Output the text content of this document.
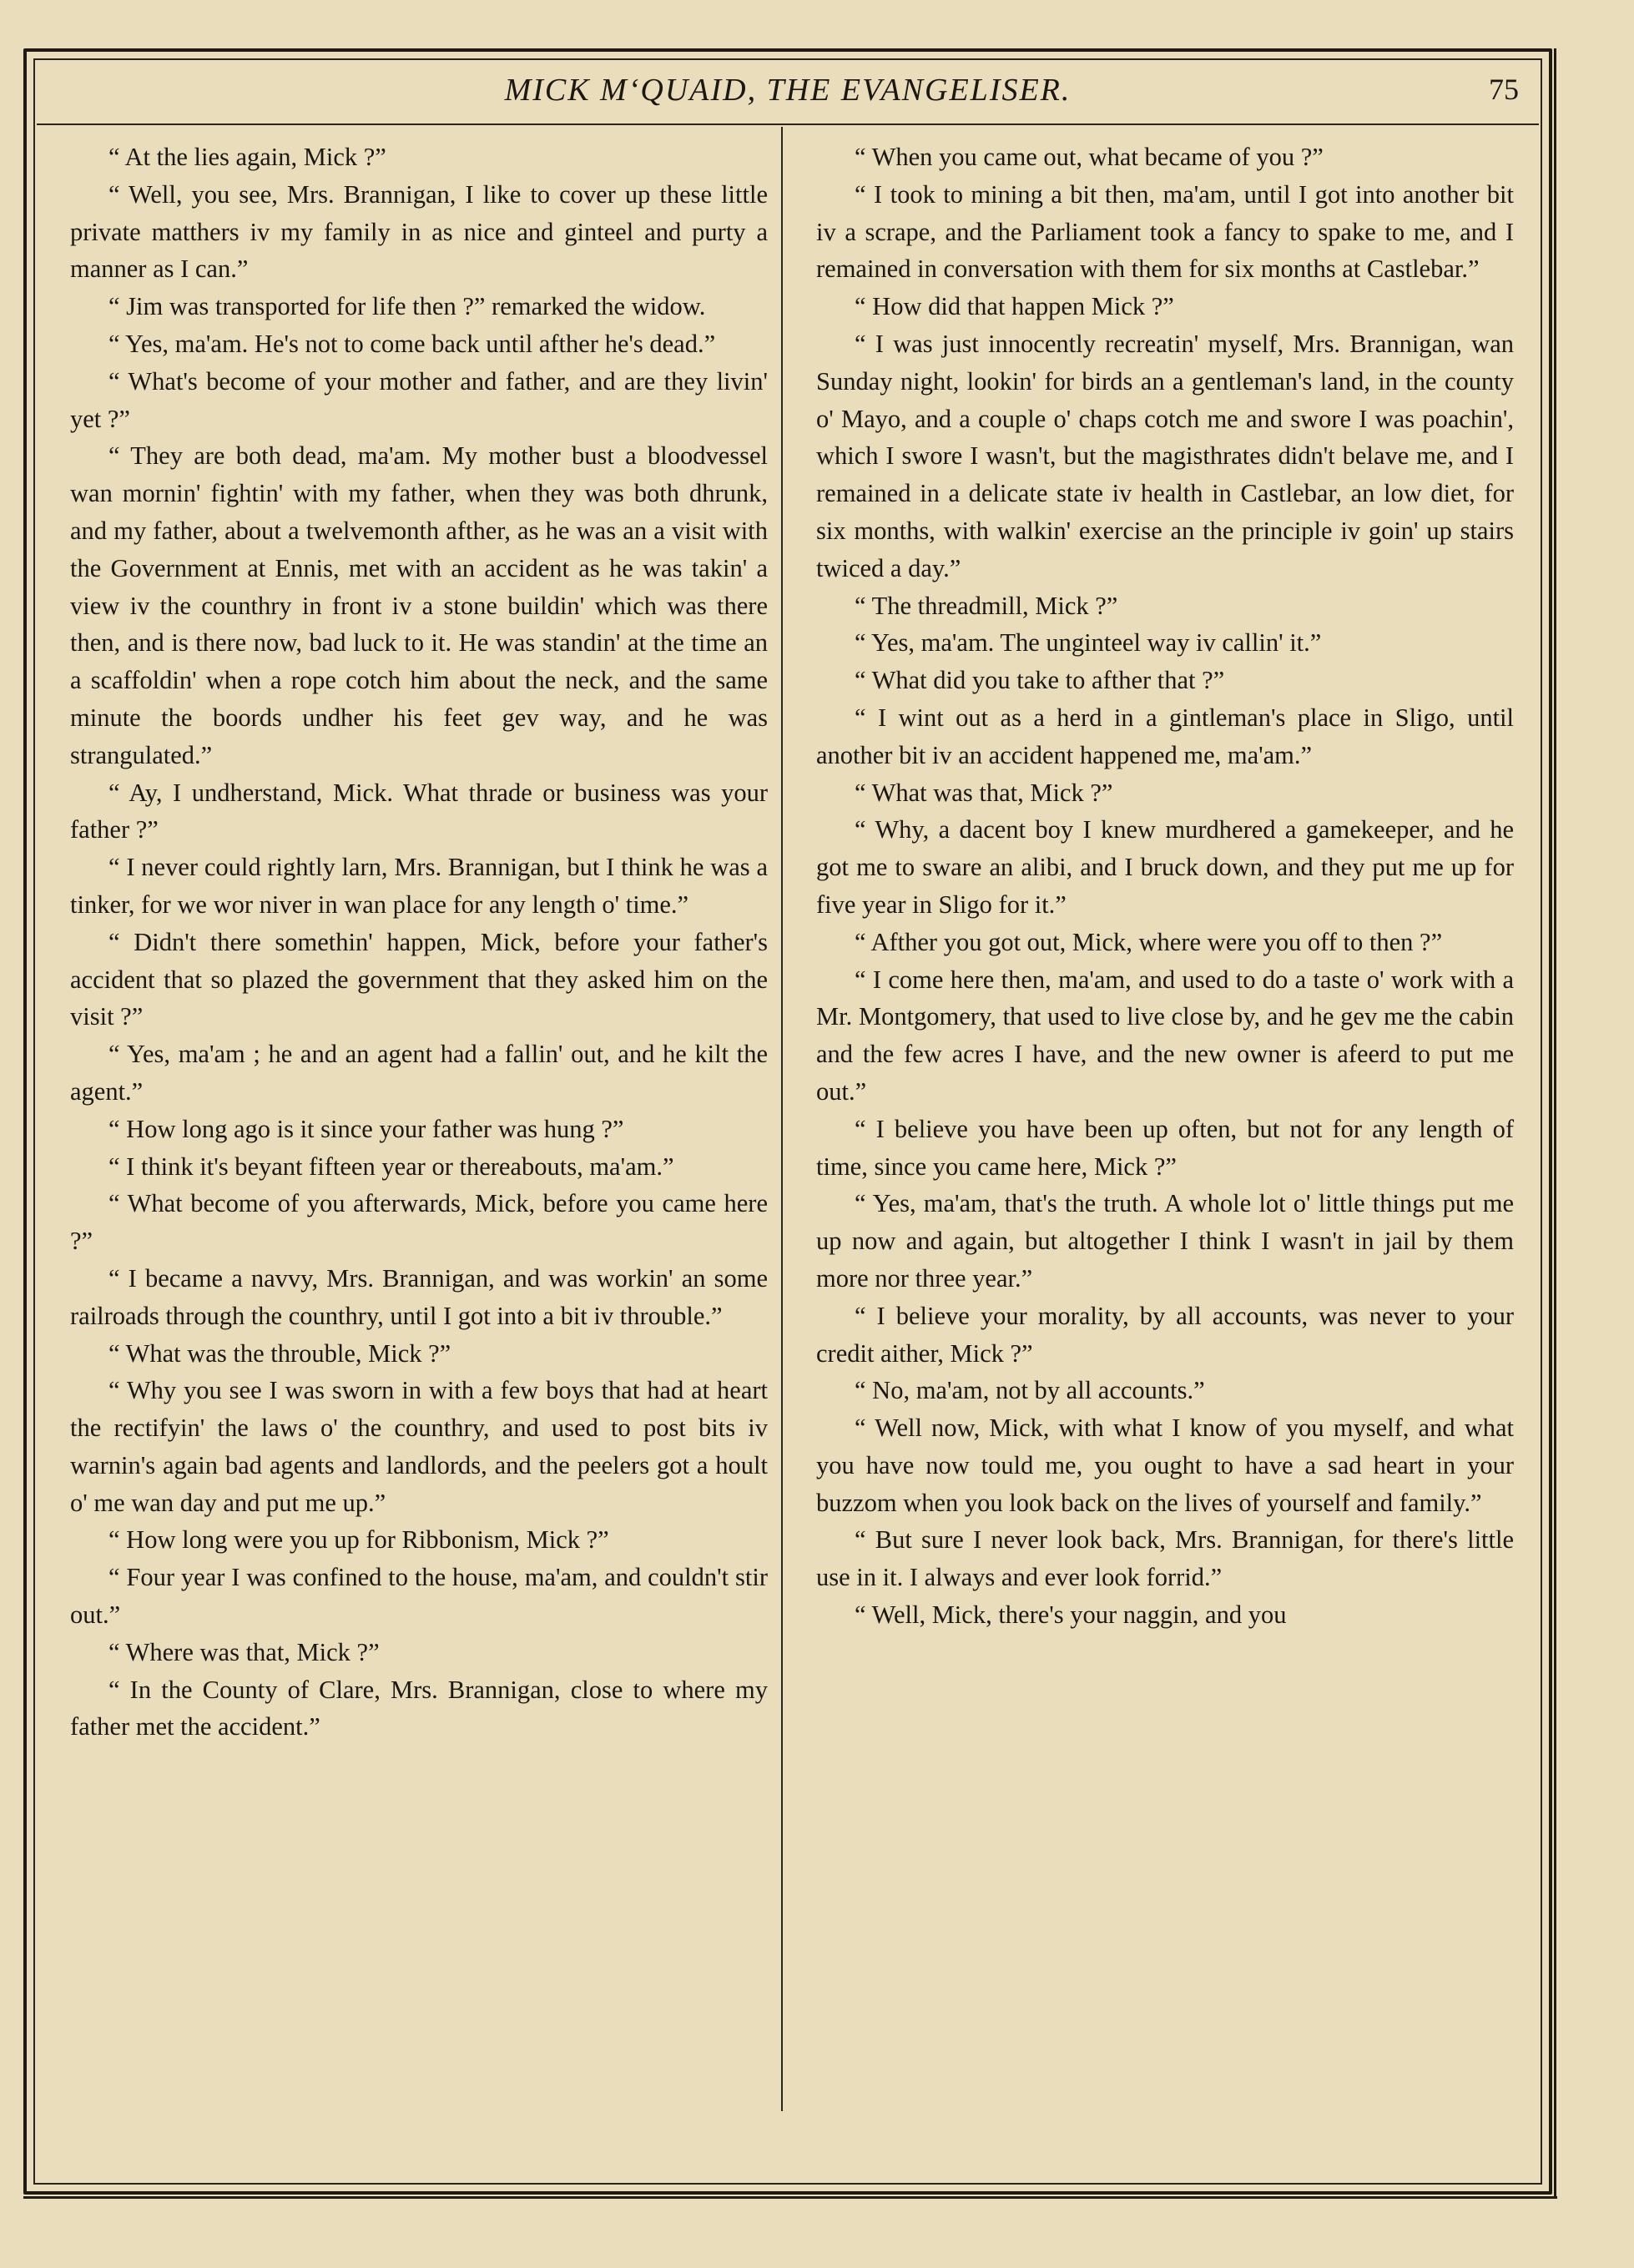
MICK M‘QUAID, THE EVANGELISER.	75

“ At the lies again, Mick ?”

“ Well, you see, Mrs. Brannigan, I like to cover up these little private matthers iv my family in as nice and ginteel and purty a manner as I can.”

“ Jim was transported for life then ?” remarked the widow.

“ Yes, ma'am. He's not to come back until afther he's dead.”

“ What's become of your mother and father, and are they livin' yet ?”

“ They are both dead, ma'am. My mother bust a bloodvessel wan mornin' fightin' with my father, when they was both dhrunk, and my father, about a twelvemonth afther, as he was an a visit with the Government at Ennis, met with an accident as he was takin' a view iv the counthry in front iv a stone buildin' which was there then, and is there now, bad luck to it. He was standin' at the time an a scaffoldin' when a rope cotch him about the neck, and the same minute the boords undher his feet gev way, and he was strangulated.”

“ Ay, I undherstand, Mick. What thrade or business was your father ?”

“ I never could rightly larn, Mrs. Brannigan, but I think he was a tinker, for we wor niver in wan place for any length o' time.”

“ Didn't there somethin' happen, Mick, before your father's accident that so plazed the government that they asked him on the visit ?”

“ Yes, ma'am ; he and an agent had a fallin' out, and he kilt the agent.”

“ How long ago is it since your father was hung ?”

“ I think it's beyant fifteen year or thereabouts, ma'am.”

“ What become of you afterwards, Mick, before you came here ?”

“ I became a navvy, Mrs. Brannigan, and was workin' an some railroads through the counthry, until I got into a bit iv throuble.”

“ What was the throuble, Mick ?”

“ Why you see I was sworn in with a few boys that had at heart the rectifyin' the laws o' the counthry, and used to post bits iv warnin's again bad agents and landlords, and the peelers got a hoult o' me wan day and put me up.”

“ How long were you up for Ribbonism, Mick ?”

“ Four year I was confined to the house, ma'am, and couldn't stir out.”

“ Where was that, Mick ?”

“ In the County of Clare, Mrs. Brannigan, close to where my father met the accident.”

“ When you came out, what became of you ?”

“ I took to mining a bit then, ma'am, until I got into another bit iv a scrape, and the Parliament took a fancy to spake to me, and I remained in conversation with them for six months at Castlebar.”

“ How did that happen Mick ?”

“ I was just innocently recreatin' myself, Mrs. Brannigan, wan Sunday night, lookin' for birds an a gentleman's land, in the county o' Mayo, and a couple o' chaps cotch me and swore I was poachin', which I swore I wasn't, but the magisthrates didn't belave me, and I remained in a delicate state iv health in Castlebar, an low diet, for six months, with walkin' exercise an the principle iv goin' up stairs twiced a day.”

“ The threadmill, Mick ?”

“ Yes, ma'am. The unginteel way iv callin' it.”

“ What did you take to afther that ?”

“ I wint out as a herd in a gintleman's place in Sligo, until another bit iv an accident happened me, ma'am.”

“ What was that, Mick ?”

“ Why, a dacent boy I knew murdhered a gamekeeper, and he got me to sware an alibi, and I bruck down, and they put me up for five year in Sligo for it.”

“ Afther you got out, Mick, where were you off to then ?”

“ I come here then, ma'am, and used to do a taste o' work with a Mr. Montgomery, that used to live close by, and he gev me the cabin and the few acres I have, and the new owner is afeerd to put me out.”

“ I believe you have been up often, but not for any length of time, since you came here, Mick ?”

“ Yes, ma'am, that's the truth. A whole lot o' little things put me up now and again, but altogether I think I wasn't in jail by them more nor three year.”

“ I believe your morality, by all accounts, was never to your credit aither, Mick ?”

“ No, ma'am, not by all accounts.”

“ Well now, Mick, with what I know of you myself, and what you have now tould me, you ought to have a sad heart in your buzzom when you look back on the lives of yourself and family.”

“ But sure I never look back, Mrs. Brannigan, for there's little use in it. I always and ever look forrid.”

“ Well, Mick, there's your naggin, and you
